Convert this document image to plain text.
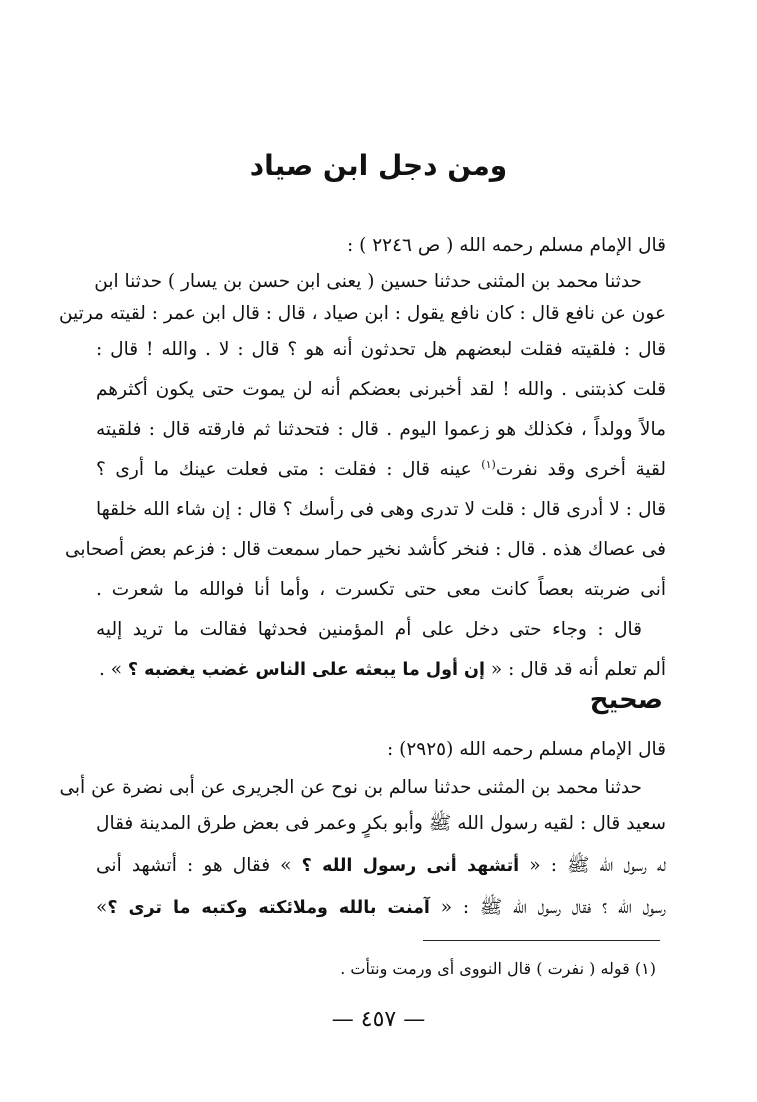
ومن دجل ابن صياد
قال الإمام مسلم رحمه الله ( ص ٢٢٤٦ ) :
حدثنا محمد بن المثنى حدثنا حسين ( يعنى ابن حسن بن يسار ) حدثنا ابن
عون عن نافع قال : كان نافع يقول : ابن صياد ، قال : قال ابن عمر : لقيته مرتين
قال : فلقيته فقلت لبعضهم هل تحدثون أنه هو ؟ قال : لا . والله ! قال :
قلت كذبتنى . والله ! لقد أخبرنى بعضكم أنه لن يموت حتى يكون أكثرهم
مالاً وولداً ، فكذلك هو زعموا اليوم . قال : فتحدثنا ثم فارقته قال : فلقيته
لقية أخرى وقد نفرت$^{(١)}$ عينه قال : فقلت : متى فعلت عينك ما أرى ؟
قال : لا أدرى قال : قلت لا تدرى وهى فى رأسك ؟ قال : إن شاء الله خلقها
فى عصاك هذه . قال : فنخر كأشد نخير حمار سمعت قال : فزعم بعض أصحابى
أنى ضربته بعصاً كانت معى حتى تكسرت ، وأما أنا فوالله ما شعرت .
قال : وجاء حتى دخل على أم المؤمنين فحدثها فقالت ما تريد إليه
ألم تعلم أنه قد قال : « إن أول ما يبعثه على الناس غضب يغضبه ؟ » .
صحيح
قال الإمام مسلم رحمه الله (٢٩٢٥) :
حدثنا محمد بن المثنى حدثنا سالم بن نوح عن الجريرى عن أبى نضرة عن أبى
سعيد قال : لقيه رسول الله ﷺ وأبو بكرٍ وعمر فى بعض طرق المدينة فقال
له رسول الله ﷺ : « أتشهد أنى رسول الله ؟ » فقال هو : أتشهد أنى
رسول الله ؟ فقال رسول الله ﷺ : « آمنت بالله وملائكته وكتبه ما ترى ؟»
(١) قوله ( نفرت ) قال النووى أى ورمت ونتأت .
— ٤٥٧ —
